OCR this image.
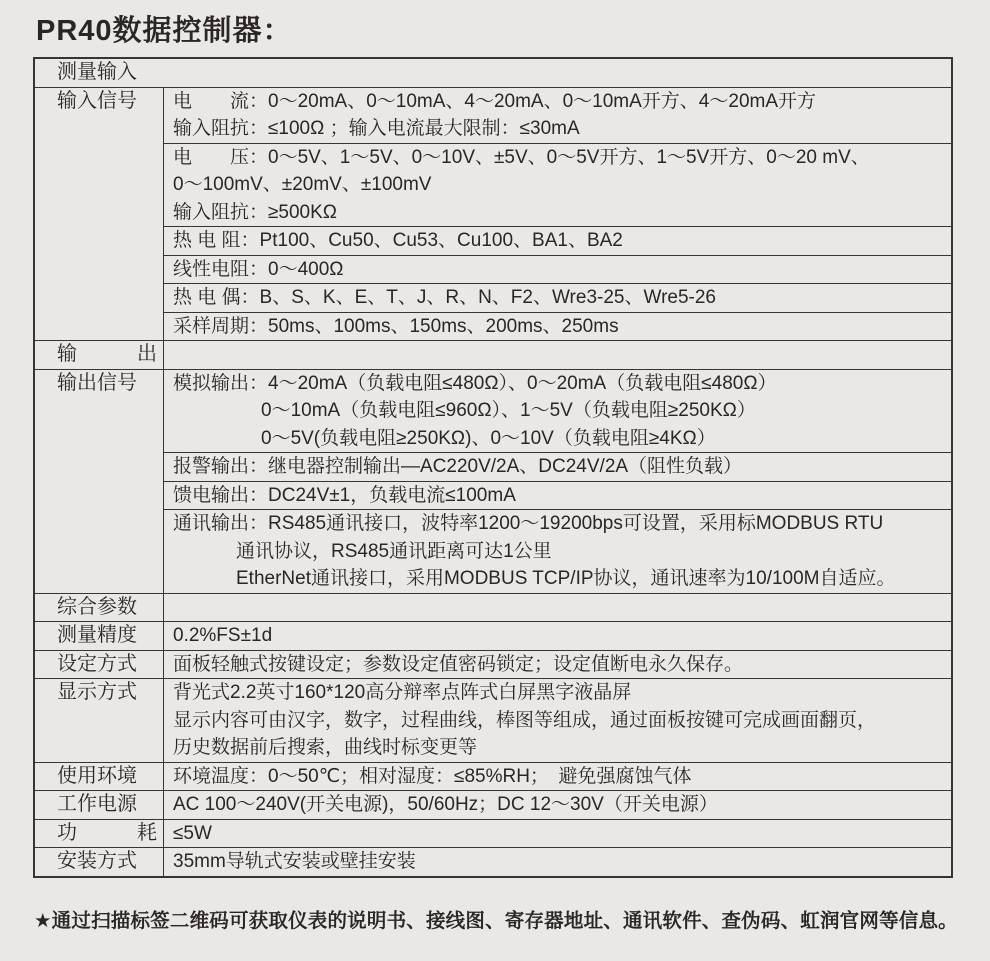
PR40数据控制器：
测量输入
输入信号	电　　流：0～20mA、0～10mA、4～20mA、0～10mA开方、4～20mA开方
输入阻抗：≤100Ω ；输入电流最大限制：≤30mA
电　　压：0～5V、1～5V、0～10V、±5V、0～5V开方、1～5V开方、0～20 mV、
0～100mV、±20mV、±100mV
输入阻抗：≥500KΩ
热 电 阻：Pt100、Cu50、Cu53、Cu100、BA1、BA2
线性电阻：0～400Ω
热 电 偶：B、S、K、E、T、J、R、N、F2、Wre3-25、Wre5-26
采样周期：50ms、100ms、150ms、200ms、250ms
输　　　出
输出信号	模拟输出：4～20mA（负载电阻≤480Ω）、0～20mA（负载电阻≤480Ω）
0～10mA（负载电阻≤960Ω）、1～5V（负载电阻≥250KΩ）
0～5V(负载电阻≥250KΩ)、0～10V（负载电阻≥4KΩ）
报警输出：继电器控制输出—AC220V/2A、DC24V/2A（阻性负载）
馈电输出：DC24V±1，负载电流≤100mA
通讯输出：RS485通讯接口，波特率1200～19200bps可设置，采用标MODBUS RTU
通讯协议，RS485通讯距离可达1公里
EtherNet通讯接口，采用MODBUS TCP/IP协议，通讯速率为10/100M自适应。
综合参数
测量精度	0.2%FS±1d
设定方式	面板轻触式按键设定；参数设定值密码锁定；设定值断电永久保存。
显示方式	背光式2.2英寸160*120高分辩率点阵式白屏黑字液晶屏
显示内容可由汉字，数字，过程曲线，棒图等组成，通过面板按键可完成画面翻页，
历史数据前后搜索，曲线时标变更等
使用环境	环境温度：0～50℃；相对湿度：≤85%RH；　避免强腐蚀气体
工作电源	AC 100～240V(开关电源)，50/60Hz；DC 12～30V（开关电源）
功　　　耗 ≤5W
安装方式	35mm导轨式安装或壁挂安装

★通过扫描标签二维码可获取仪表的说明书、接线图、寄存器地址、通讯软件、查伪码、虹润官网等信息。
